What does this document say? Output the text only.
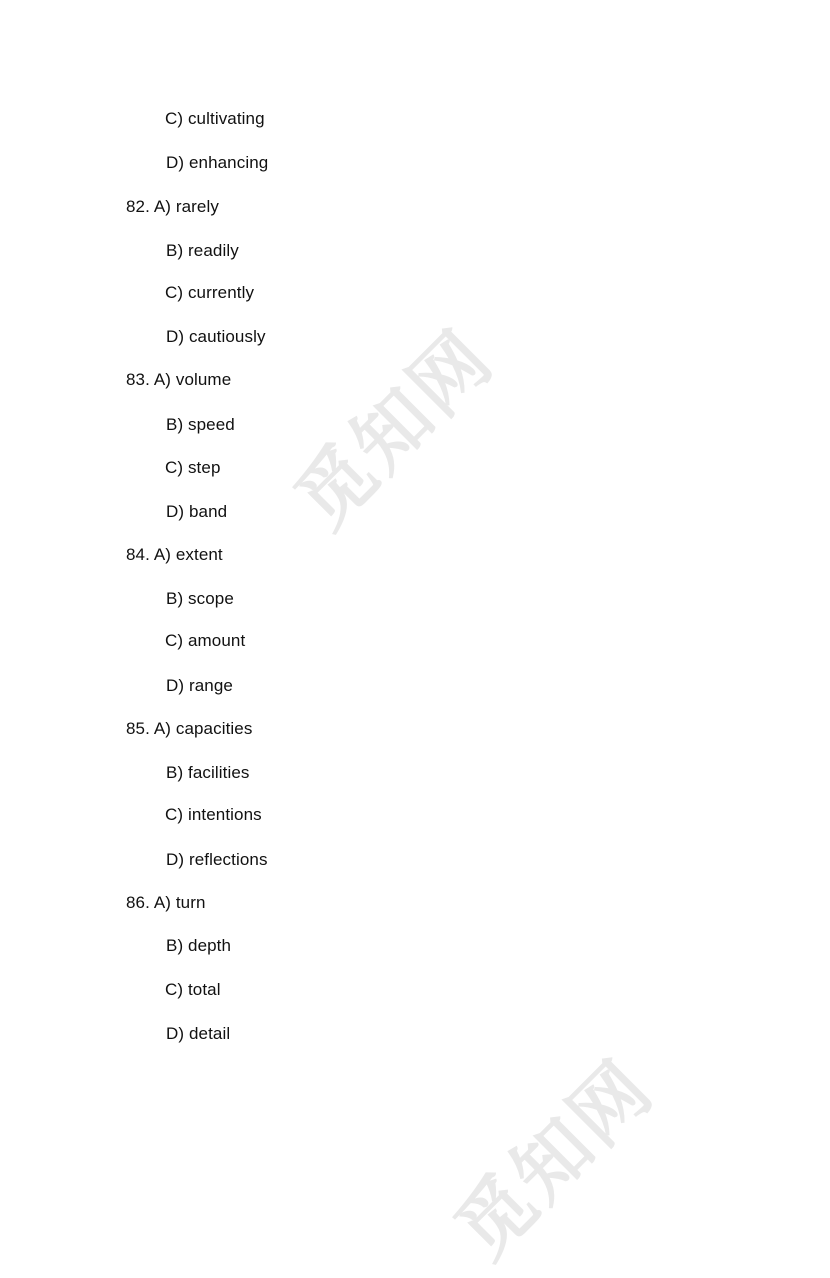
觅知网
觅知网
C) cultivating
D) enhancing
82. A) rarely
B) readily
C) currently
D) cautiously
83. A) volume
B) speed
C) step
D) band
84. A) extent
B) scope
C) amount
D) range
85. A) capacities
B) facilities
C) intentions
D) reflections
86. A) turn
B) depth
C) total
D) detail
